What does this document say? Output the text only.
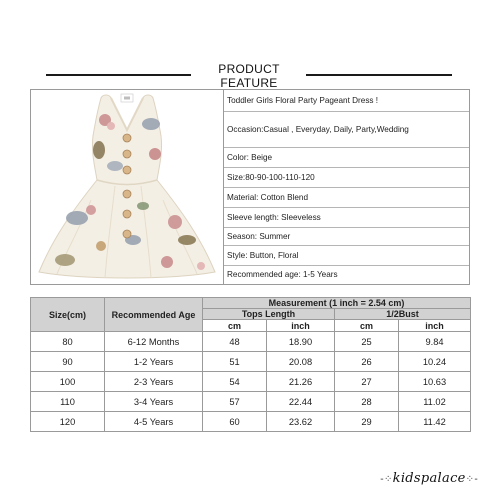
PRODUCT FEATURE
Toddler Girls Floral Party Pageant Dress !
Occasion:Casual , Everyday, Daily, Party,Wedding
Color: Beige
Size:80-90-100-110-120
Material: Cotton Blend
Sleeve length: Sleeveless
Season: Summer
Style: Button, Floral
Recommended age: 1-5 Years
Size(cm)	Recommended Age	Measurement (1 inch = 2.54 cm)			
		Tops Length		1/2Bust	
		cm	inch	cm	inch
80	6-12 Months	48	18.90	25	9.84
90	1-2 Years	51	20.08	26	10.24
100	2-3 Years	54	21.26	27	10.63
110	3-4 Years	57	22.44	28	11.02
120	4-5 Years	60	23.62	29	11.42
-⁘kidspalace⁘-
